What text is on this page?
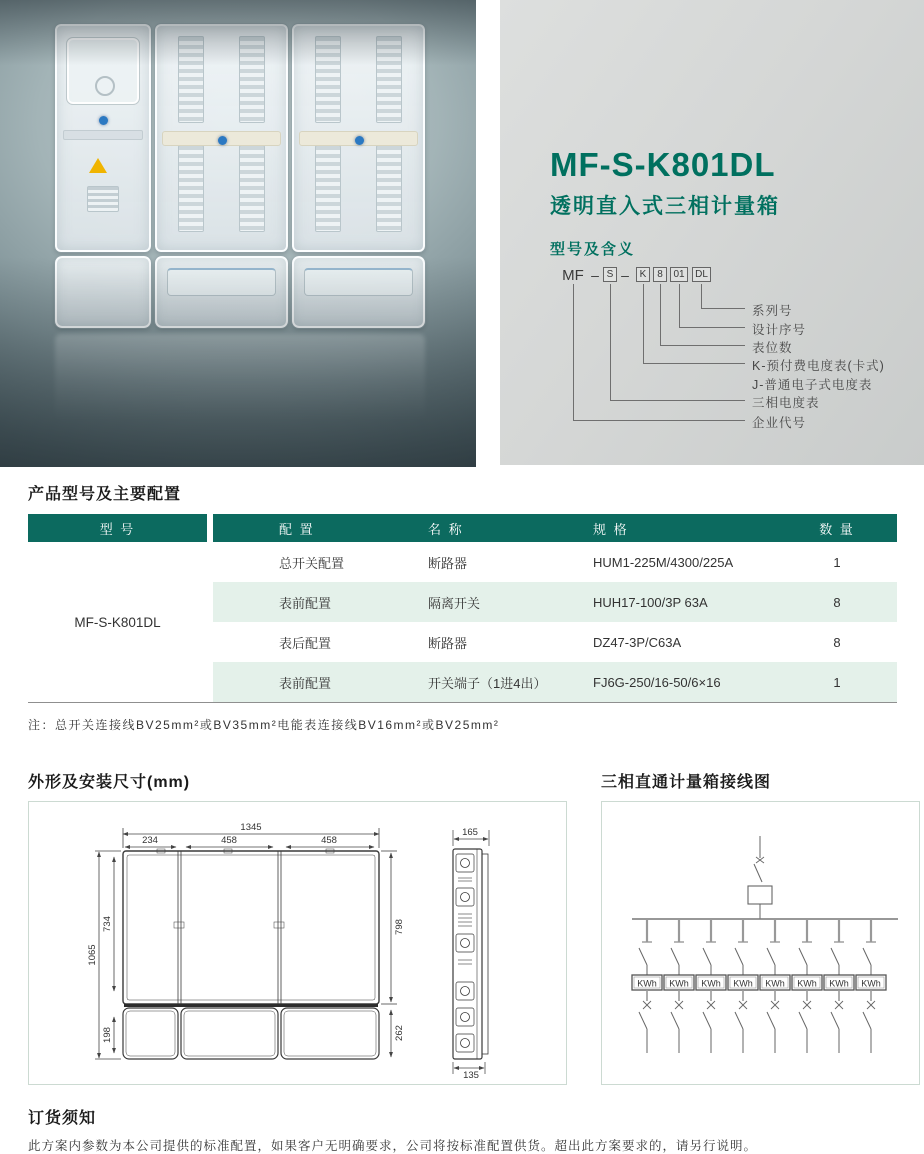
MF-S-K801DL
透明直入式三相计量箱
型号及含义
MF – S –	K	8	01	DL
系列号
设计序号
表位数
K-预付费电度表(卡式)
J-普通电子式电度表
三相电度表
企业代号
产品型号及主要配置
型 号	配 置	名 称	规 格	数 量
MF-S-K801DL
总开关配置	断路器	HUM1-225M/4300/225A	1
表前配置	隔离开关	HUH17-100/3P 63A	8
表后配置	断路器	DZ47-3P/C63A	8
表前配置	开关端子（1进4出）	FJ6G-250/16-50/6×16	1

注：总开关连接线BV25mm²或BV35mm²电能表连接线BV16mm²或BV25mm²

外形及安装尺寸(mm)
1345
234	458	458
1065
734
198
798
262
165
135
三相直通计量箱接线图
KWh KWh KWh KWh KWh KWh KWh KWh
订货须知

此方案内参数为本公司提供的标准配置，如果客户无明确要求，公司将按标准配置供货。超出此方案要求的，请另行说明。
